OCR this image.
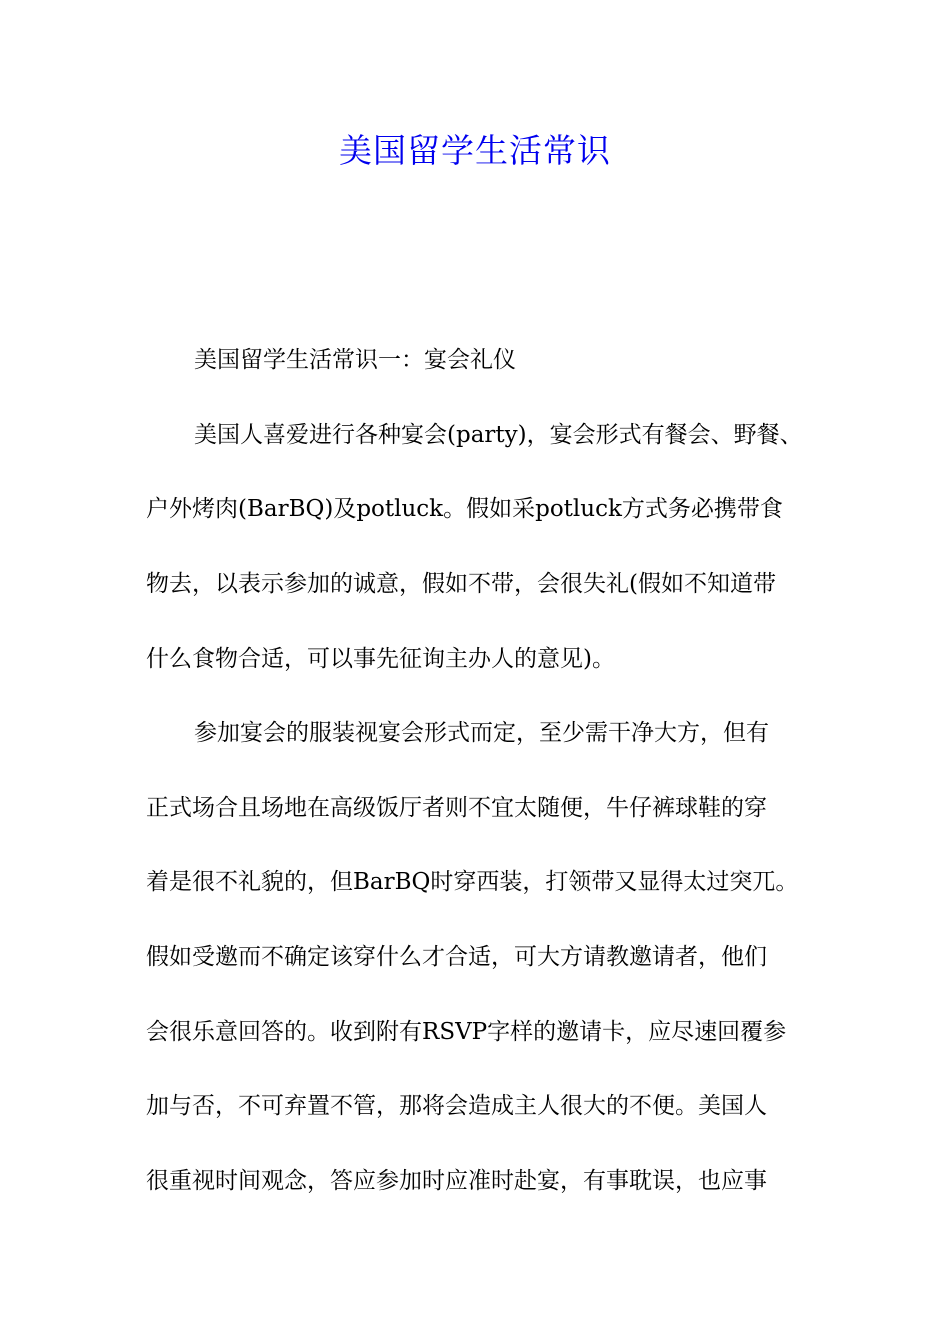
美国留学生活常识
美国留学生活常识一：宴会礼仪
美国人喜爱进行各种宴会(party)，宴会形式有餐会、野餐、
户外烤肉(BarBQ)及potluck。假如采potluck方式务必携带食
物去，以表示参加的诚意，假如不带，会很失礼(假如不知道带
什么食物合适，可以事先征询主办人的意见)。
参加宴会的服装视宴会形式而定，至少需干净大方，但有
正式场合且场地在高级饭厅者则不宜太随便，牛仔裤球鞋的穿
着是很不礼貌的，但BarBQ时穿西装，打领带又显得太过突兀。
假如受邀而不确定该穿什么才合适，可大方请教邀请者，他们
会很乐意回答的。收到附有RSVP字样的邀请卡，应尽速回覆参
加与否，不可弃置不管，那将会造成主人很大的不便。美国人
很重视时间观念，答应参加时应准时赴宴，有事耽误，也应事
